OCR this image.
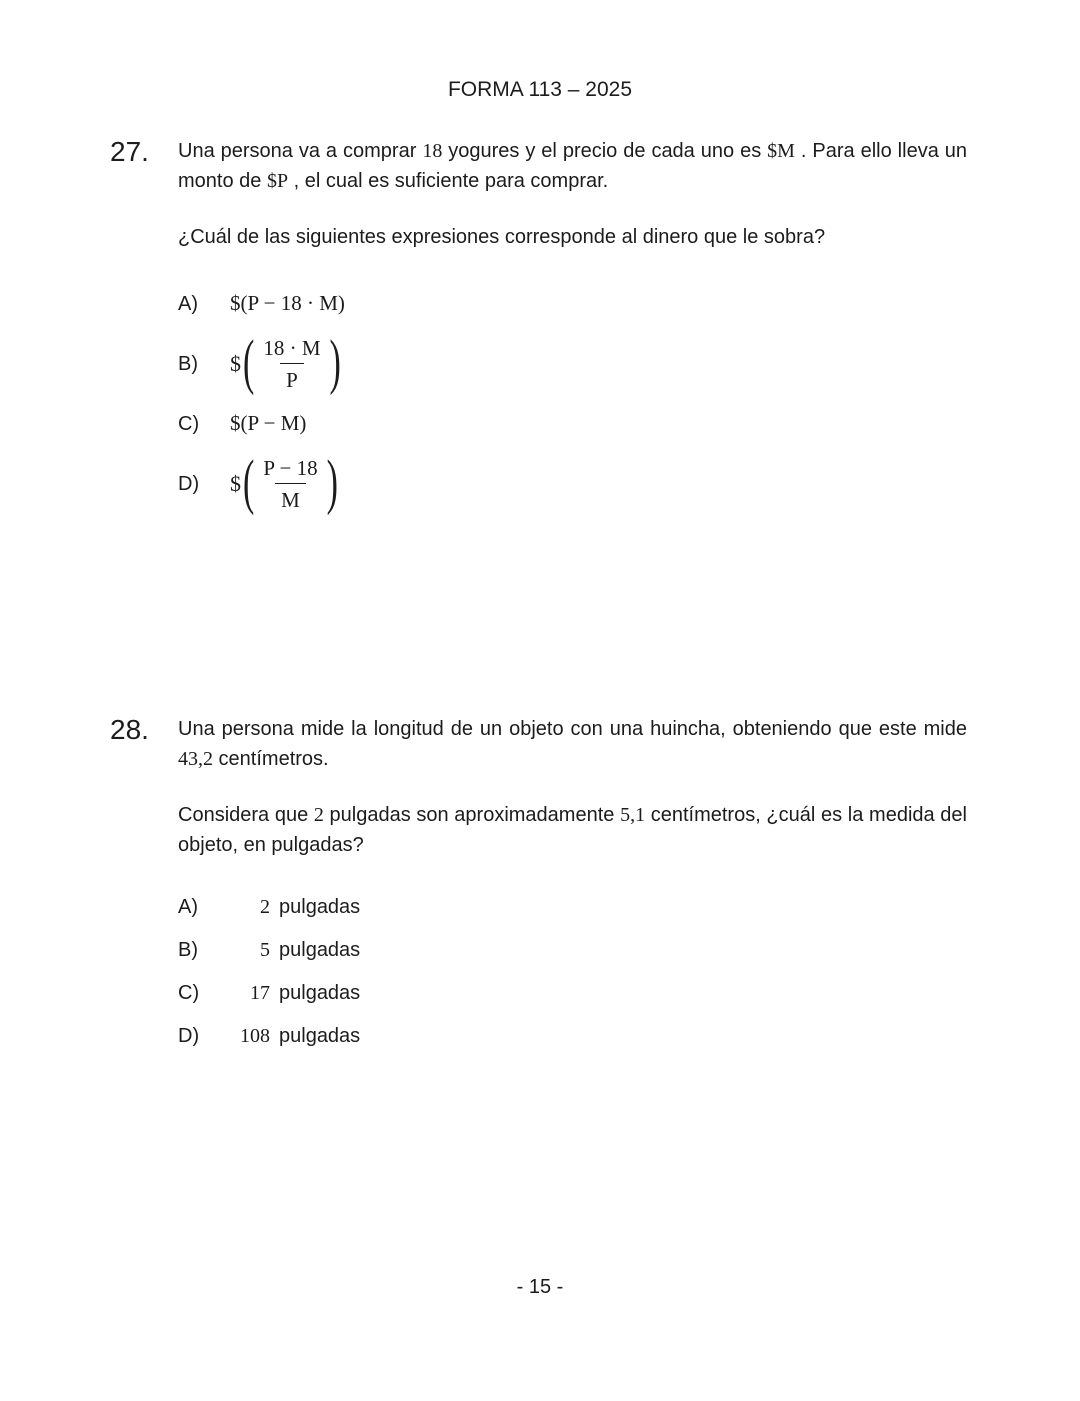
FORMA 113 – 2025
27.	Una persona va a comprar 18 yogures y el precio de cada uno es $M . Para ello lleva un monto de $P , el cual es suficiente para comprar.

¿Cuál de las siguientes expresiones corresponde al dinero que le sobra?

A)	$(P − 18 · M)
B)	$ ( $\frac{18 \cdot M}{P}$ )
C)	$(P − M)
D)	$ ( $\frac{P - 18}{M}$ )
28.	Una persona mide la longitud de un objeto con una huincha, obteniendo que este mide 43,2 centímetros.

Considera que 2 pulgadas son aproximadamente 5,1 centímetros, ¿cuál es la medida del objeto, en pulgadas?

A)	2 pulgadas
B)	5 pulgadas
C)	17 pulgadas
D)	108 pulgadas
- 15 -
